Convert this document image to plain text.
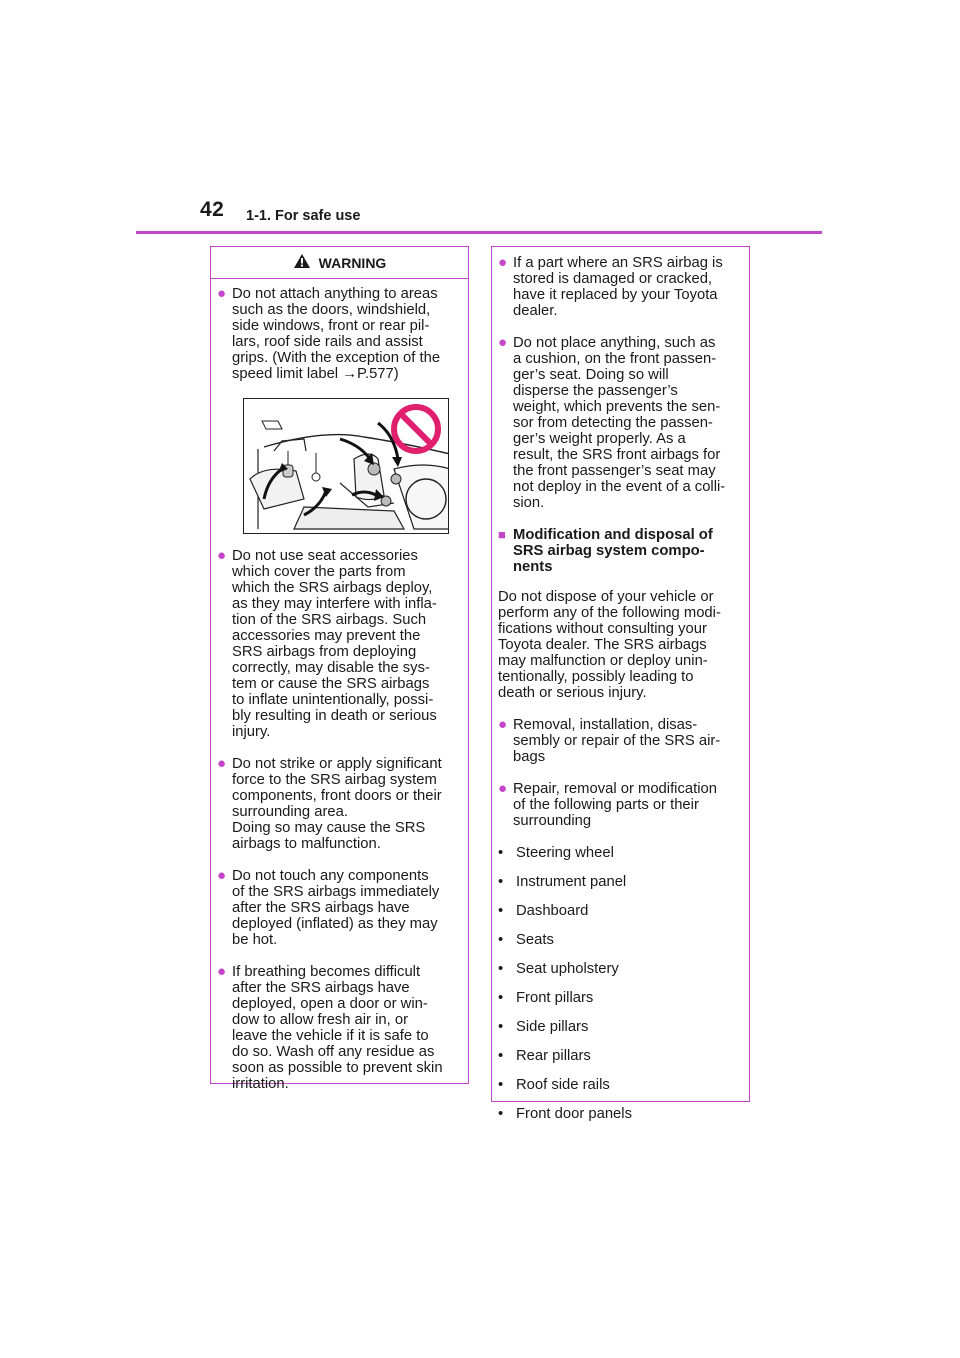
42 1-1. For safe use
WARNING
● Do not attach anything to areas
such as the doors, windshield,
side windows, front or rear pil-
lars, roof side rails and assist
grips. (With the exception of the
speed limit label →P.577)
● Do not use seat accessories
which cover the parts from
which the SRS airbags deploy,
as they may interfere with infla-
tion of the SRS airbags. Such
accessories may prevent the
SRS airbags from deploying
correctly, may disable the sys-
tem or cause the SRS airbags
to inflate unintentionally, possi-
bly resulting in death or serious
injury.
● Do not strike or apply significant
force to the SRS airbag system
components, front doors or their
surrounding area.
Doing so may cause the SRS
airbags to malfunction.
● Do not touch any components
of the SRS airbags immediately
after the SRS airbags have
deployed (inflated) as they may
be hot.
● If breathing becomes difficult
after the SRS airbags have
deployed, open a door or win-
dow to allow fresh air in, or
leave the vehicle if it is safe to
do so. Wash off any residue as
soon as possible to prevent skin
irritation.
● If a part where an SRS airbag is
stored is damaged or cracked,
have it replaced by your Toyota
dealer.
● Do not place anything, such as
a cushion, on the front passen-
ger’s seat. Doing so will
disperse the passenger’s
weight, which prevents the sen-
sor from detecting the passen-
ger’s weight properly. As a
result, the SRS front airbags for
the front passenger’s seat may
not deploy in the event of a colli-
sion.
■ Modification and disposal of
SRS airbag system compo-
nents
Do not dispose of your vehicle or
perform any of the following modi-
fications without consulting your
Toyota dealer. The SRS airbags
may malfunction or deploy unin-
tentionally, possibly leading to
death or serious injury.
● Removal, installation, disas-
sembly or repair of the SRS air-
bags
● Repair, removal or modification
of the following parts or their
surrounding
• Steering wheel
• Instrument panel
• Dashboard
• Seats
• Seat upholstery
• Front pillars
• Side pillars
• Rear pillars
• Roof side rails
• Front door panels
